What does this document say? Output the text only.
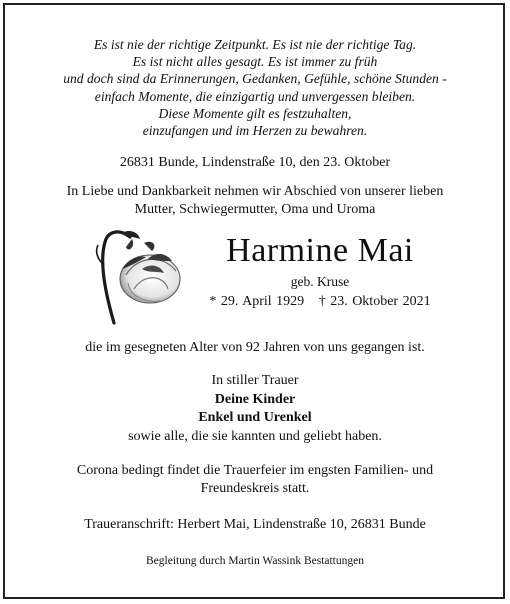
Es ist nie der richtige Zeitpunkt. Es ist nie der richtige Tag.
Es ist nicht alles gesagt. Es ist immer zu früh
und doch sind da Erinnerungen, Gedanken, Gefühle, schöne Stunden -
einfach Momente, die einzigartig und unvergessen bleiben.
Diese Momente gilt es festzuhalten,
einzufangen und im Herzen zu bewahren.
26831 Bunde, Lindenstraße 10, den 23. Oktober
In Liebe und Dankbarkeit nehmen wir Abschied von unserer lieben
Mutter, Schwiegermutter, Oma und Uroma
Harmine Mai
geb. Kruse
* 29. April 1929 † 23. Oktober 2021
die im gesegneten Alter von 92 Jahren von uns gegangen ist.
In stiller Trauer
Deine Kinder
Enkel und Urenkel
sowie alle, die sie kannten und geliebt haben.
Corona bedingt findet die Trauerfeier im engsten Familien- und
Freundeskreis statt.
Traueranschrift: Herbert Mai, Lindenstraße 10, 26831 Bunde
Begleitung durch Martin Wassink Bestattungen
